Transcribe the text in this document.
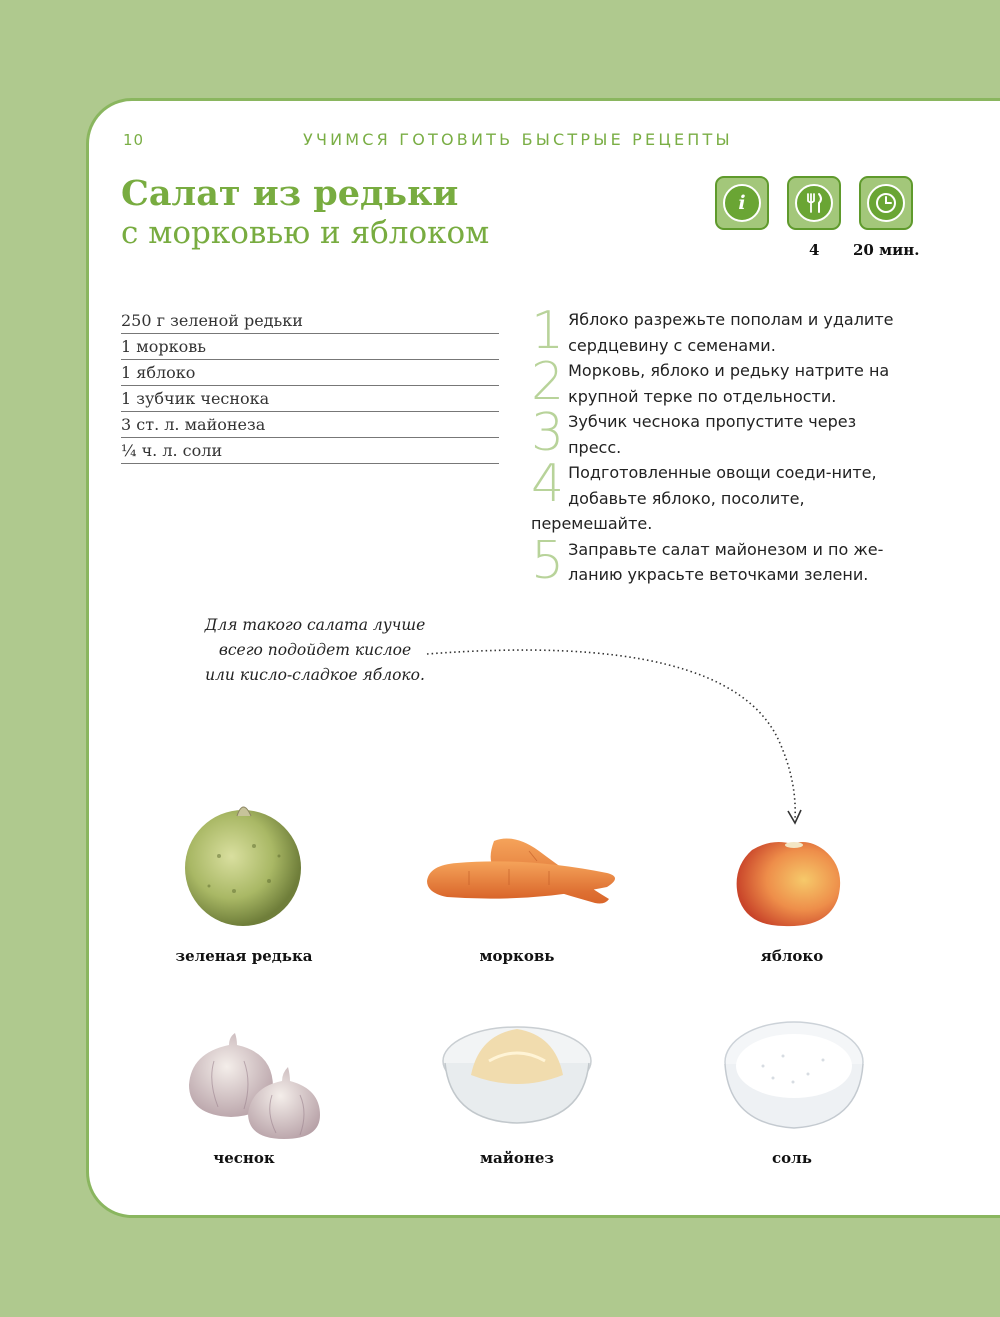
10	УЧИМСЯ ГОТОВИТЬ БЫСТРЫЕ РЕЦЕПТЫ
Салат из редьки
с морковью и яблоком
i
4 20 мин.
250 г зеленой редьки
1 морковь
1 яблоко
1 зубчик чеснока
3 ст. л. майонеза
¼ ч. л. соли
1 Яблоко разрежьте пополам и удалите сердцевину с семенами.
2 Морковь, яблоко и редьку натрите на крупной терке по отдельности.
3 Зубчик чеснока пропустите через пресс.
4 Подготовленные овощи соеди-ните, добавьте яблоко, посолите, перемешайте.
5 Заправьте салат майонезом и по же-ланию украсьте веточками зелени.
Для такого салата лучше
всего подойдет кислое
или кисло-сладкое яблоко.
зеленая редька	морковь	яблоко
чеснок	майонез	соль
